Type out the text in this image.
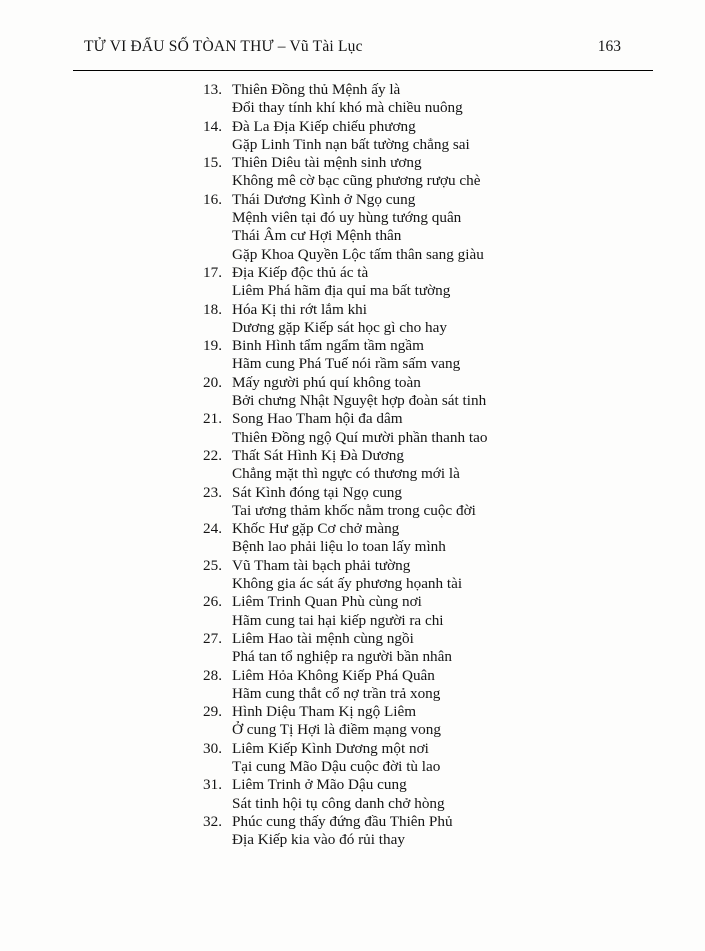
TỬ VI ĐẨU SỐ TÒAN THƯ – Vũ Tài Lục	163
13. Thiên Đồng thủ Mệnh ấy là
Đổi thay tính khí khó mà chiều nuông
14. Đà La Địa Kiếp chiếu phương
Gặp Linh Tinh nạn bất tường chẳng sai
15. Thiên Diêu tài mệnh sinh ương
Không mê cờ bạc cũng phương rượu chè
16. Thái Dương Kình ở Ngọ cung
Mệnh viên tại đó uy hùng tướng quân
Thái Âm cư Hợi Mệnh thân
Gặp Khoa Quyền Lộc tấm thân sang giàu
17. Địa Kiếp độc thủ ác tà
Liêm Phá hãm địa quỉ ma bất tường
18. Hóa Kị thi rớt lắm khi
Dương gặp Kiếp sát học gì cho hay
19. Binh Hình tẩm ngẩm tầm ngầm
Hãm cung Phá Tuế nói rầm sấm vang
20. Mấy người phú quí không toàn
Bởi chưng Nhật Nguyệt hợp đoàn sát tinh
21. Song Hao Tham hội đa dâm
Thiên Đồng ngộ Quí mười phần thanh tao
22. Thất Sát Hình Kị Đà Dương
Chẳng mặt thì ngực có thương mới là
23. Sát Kình đóng tại Ngọ cung
Tai ương thảm khốc nằm trong cuộc đời
24. Khốc Hư gặp Cơ chở màng
Bệnh lao phải liệu lo toan lấy mình
25. Vũ Tham tài bạch phải tường
Không gia ác sát ấy phương họanh tài
26. Liêm Trinh Quan Phù cùng nơi
Hãm cung tai hại kiếp người ra chi
27. Liêm Hao tài mệnh cùng ngồi
Phá tan tổ nghiệp ra người bần nhân
28. Liêm Hỏa Không Kiếp Phá Quân
Hãm cung thắt cổ nợ trần trả xong
29. Hình Diệu Tham Kị ngộ Liêm
Ở cung Tị Hợi là điềm mạng vong
30. Liêm Kiếp Kình Dương một nơi
Tại cung Mão Dậu cuộc đời tù lao
31. Liêm Trinh ở Mão Dậu cung
Sát tinh hội tụ công danh chở hòng
32. Phúc cung thấy đứng đầu Thiên Phủ
Địa Kiếp kia vào đó rủi thay
